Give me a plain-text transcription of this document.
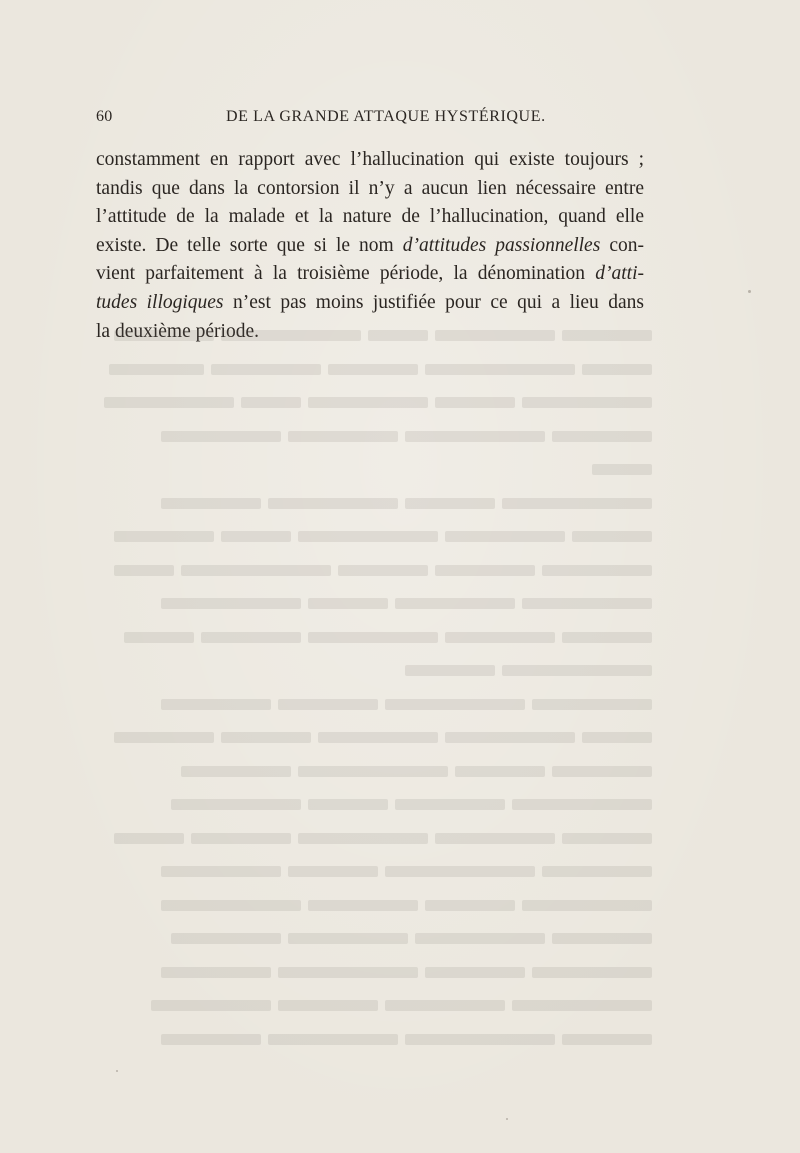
60	DE LA GRANDE ATTAQUE HYSTÉRIQUE.
constamment en rapport avec l’hallucination qui existe toujours ;
tandis que dans la contorsion il n’y a aucun lien nécessaire entre
l’attitude de la malade et la nature de l’hallucination, quand elle
existe. De telle sorte que si le nom d’attitudes passionnelles con-
vient parfaitement à la troisième période, la dénomination d’atti-
tudes illogiques n’est pas moins justifiée pour ce qui a lieu dans
la deuxième période.
